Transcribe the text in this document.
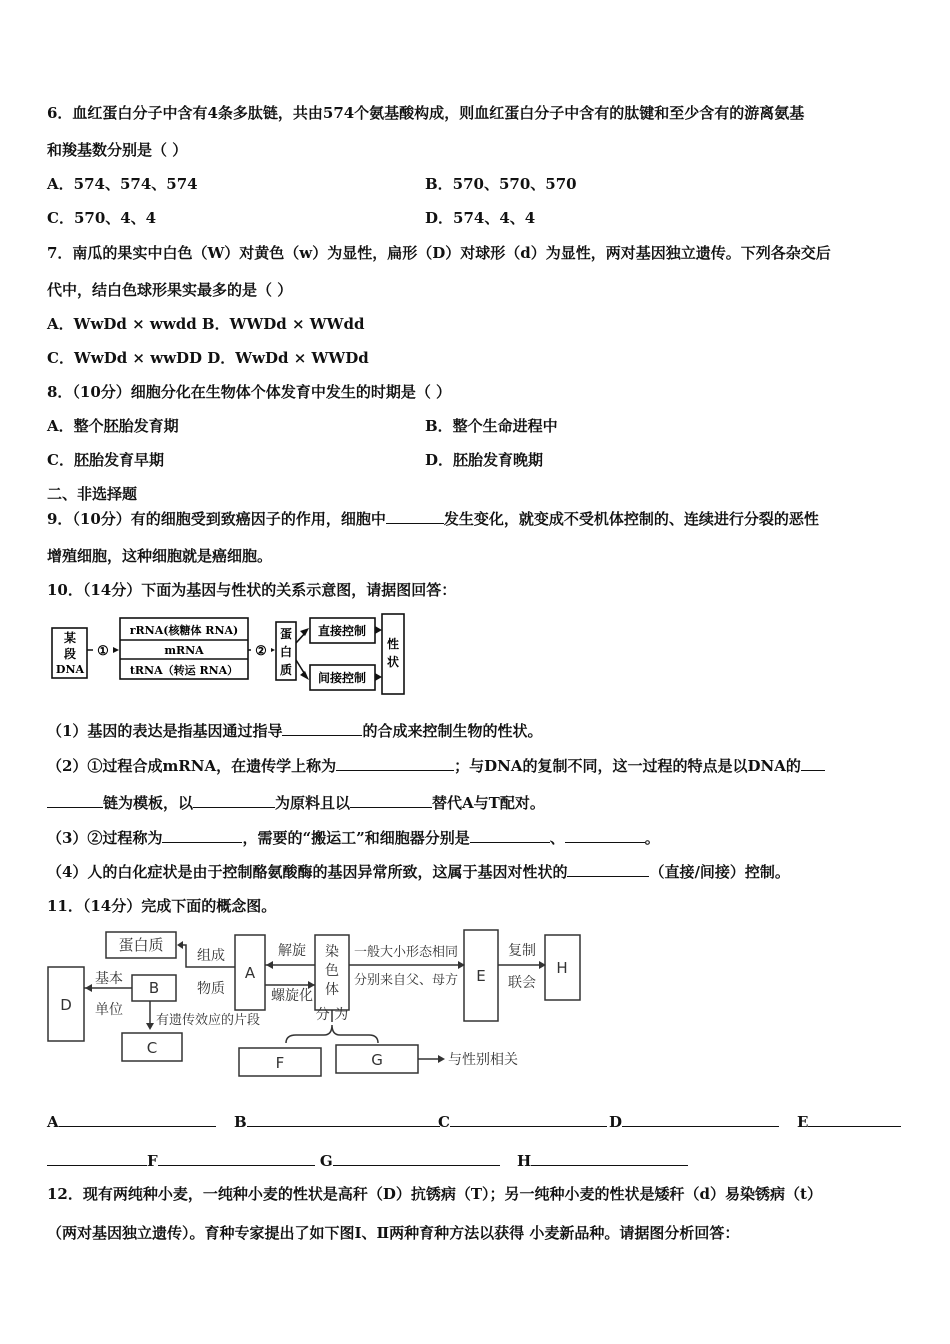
6．血红蛋白分子中含有4条多肽链，共由574个氨基酸构成，则血红蛋白分子中含有的肽键和至少含有的游离氨基
和羧基数分别是（ ）
A．574、574、574	B．570、570、570
C．570、4、4	D．574、4、4
7．南瓜的果实中白色（W）对黄色（w）为显性，扁形（D）对球形（d）为显性，两对基因独立遗传。下列各杂交后
代中，结白色球形果实最多的是（ ）
A．WwDd × wwdd B．WWDd × WWdd
C．WwDd × wwDD D．WwDd × WWDd
8．（10分）细胞分化在生物体个体发育中发生的时期是（ ）
A．整个胚胎发育期	B．整个生命进程中
C．胚胎发育早期	D．胚胎发育晚期
二、非选择题
9．（10分）有的细胞受到致癌因子的作用，细胞中	发生变化，就变成不受机体控制的、连续进行分裂的恶性
增殖细胞，这种细胞就是癌细胞。
10．（14分）下面为基因与性状的关系示意图，请据图回答：
某
段
DNA
①
rRNA(核糖体 RNA)
mRNA
tRNA（转运 RNA）
②
蛋
白
质
直接控制
间接控制
性
状
（1）基因的表达是指基因通过指导	的合成来控制生物的性状。
（2）①过程合成mRNA，在遗传学上称为	；与DNA的复制不同，这一过程的特点是以DNA的
链为模板，以	为原料且以	替代A与T配对。
（3）②过程称为	，需要的“搬运工”和细胞器分别是	、	。
（4）人的白化症状是由于控制酪氨酸酶的基因异常所致，这属于基因对性状的	（直接/间接）控制。
11．（14分）完成下面的概念图。
蛋白质
组成
物质
A
解旋
螺旋化
染
色
体
一般大小形态相同
分别来自父、母方 E
复制
联会
H
D
基本
单位
B
有遗传效应的片段
C
分 为
F	G	与性别相关
A	B	C	D	E
F	G	H
12．现有两纯种小麦，一纯种小麦的性状是高秆（D）抗锈病（T）；另一纯种小麦的性状是矮秆（d）易染锈病（t）
（两对基因独立遗传）。育种专家提出了如下图Ⅰ、Ⅱ两种育种方法以获得 小麦新品种。请据图分析回答：
